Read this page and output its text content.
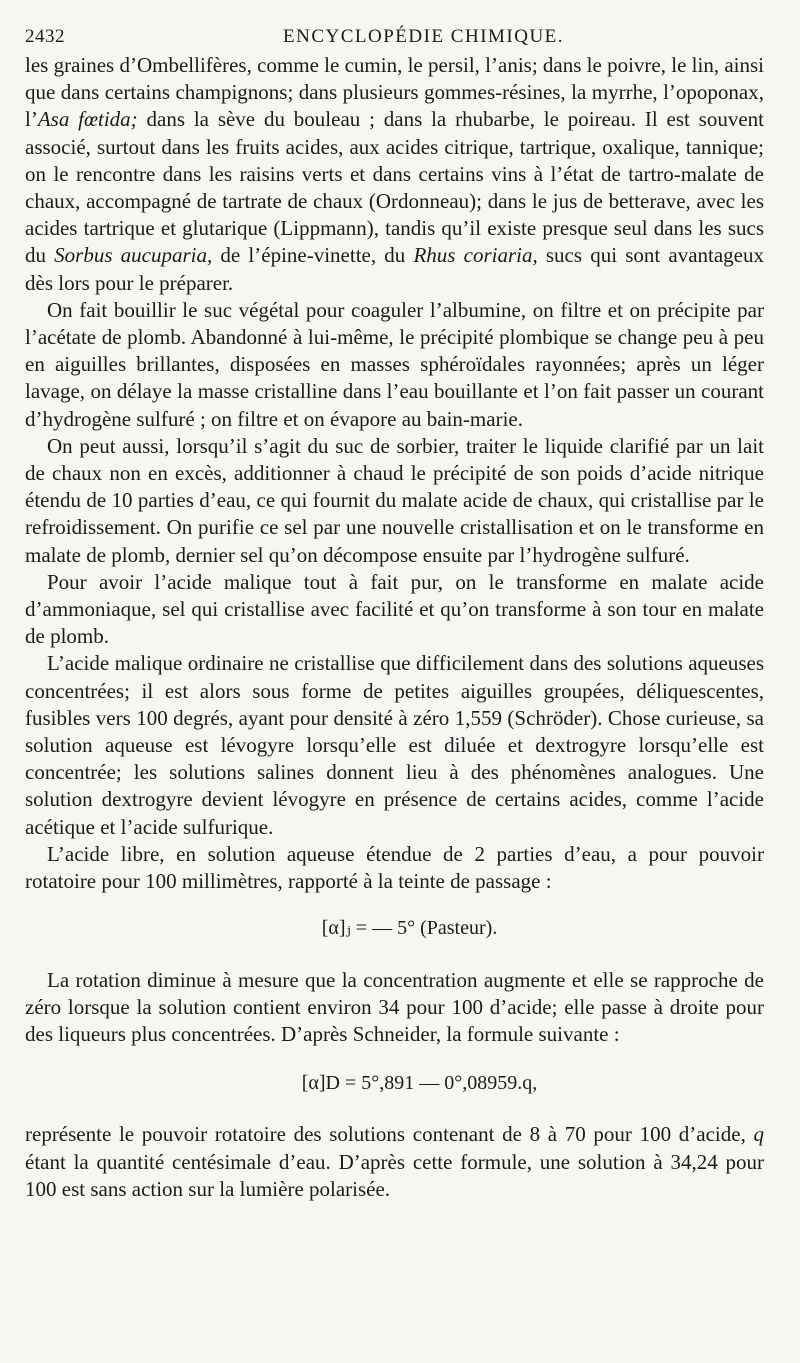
2432	ENCYCLOPÉDIE CHIMIQUE.

les graines d’Ombellifères, comme le cumin, le persil, l’anis; dans le poivre, le lin, ainsi que dans certains champignons; dans plusieurs gommes-résines, la myrrhe, l’opoponax, l’Asa fœtida; dans la sève du bouleau ; dans la rhubarbe, le poireau. Il est souvent associé, surtout dans les fruits acides, aux acides citrique, tartrique, oxalique, tannique; on le rencontre dans les raisins verts et dans certains vins à l’état de tartro-malate de chaux, accompagné de tartrate de chaux (Ordonneau); dans le jus de betterave, avec les acides tartrique et glutarique (Lippmann), tandis qu’il existe presque seul dans les sucs du Sorbus aucuparia, de l’épine-vinette, du Rhus coriaria, sucs qui sont avantageux dès lors pour le préparer.

On fait bouillir le suc végétal pour coaguler l’albumine, on filtre et on précipite par l’acétate de plomb. Abandonné à lui-même, le précipité plombique se change peu à peu en aiguilles brillantes, disposées en masses sphéroïdales rayonnées; après un léger lavage, on délaye la masse cristalline dans l’eau bouillante et l’on fait passer un courant d’hydrogène sulfuré ; on filtre et on évapore au bain-marie.

On peut aussi, lorsqu’il s’agit du suc de sorbier, traiter le liquide clarifié par un lait de chaux non en excès, additionner à chaud le précipité de son poids d’acide nitrique étendu de 10 parties d’eau, ce qui fournit du malate acide de chaux, qui cristallise par le refroidissement. On purifie ce sel par une nouvelle cristallisation et on le transforme en malate de plomb, dernier sel qu’on décompose ensuite par l’hydrogène sulfuré.

Pour avoir l’acide malique tout à fait pur, on le transforme en malate acide d’ammoniaque, sel qui cristallise avec facilité et qu’on transforme à son tour en malate de plomb.

L’acide malique ordinaire ne cristallise que difficilement dans des solutions aqueuses concentrées; il est alors sous forme de petites aiguilles groupées, déliquescentes, fusibles vers 100 degrés, ayant pour densité à zéro 1,559 (Schröder). Chose curieuse, sa solution aqueuse est lévogyre lorsqu’elle est diluée et dextrogyre lorsqu’elle est concentrée; les solutions salines donnent lieu à des phénomènes analogues. Une solution dextrogyre devient lévogyre en présence de certains acides, comme l’acide acétique et l’acide sulfurique.

L’acide libre, en solution aqueuse étendue de 2 parties d’eau, a pour pouvoir rotatoire pour 100 millimètres, rapporté à la teinte de passage :

[α]ⱼ = — 5° (Pasteur).

La rotation diminue à mesure que la concentration augmente et elle se rapproche de zéro lorsque la solution contient environ 34 pour 100 d’acide; elle passe à droite pour des liqueurs plus concentrées. D’après Schneider, la formule suivante :

[α]D = 5°,891 — 0°,08959.q,

représente le pouvoir rotatoire des solutions contenant de 8 à 70 pour 100 d’acide, q étant la quantité centésimale d’eau. D’après cette formule, une solution à 34,24 pour 100 est sans action sur la lumière polarisée.
